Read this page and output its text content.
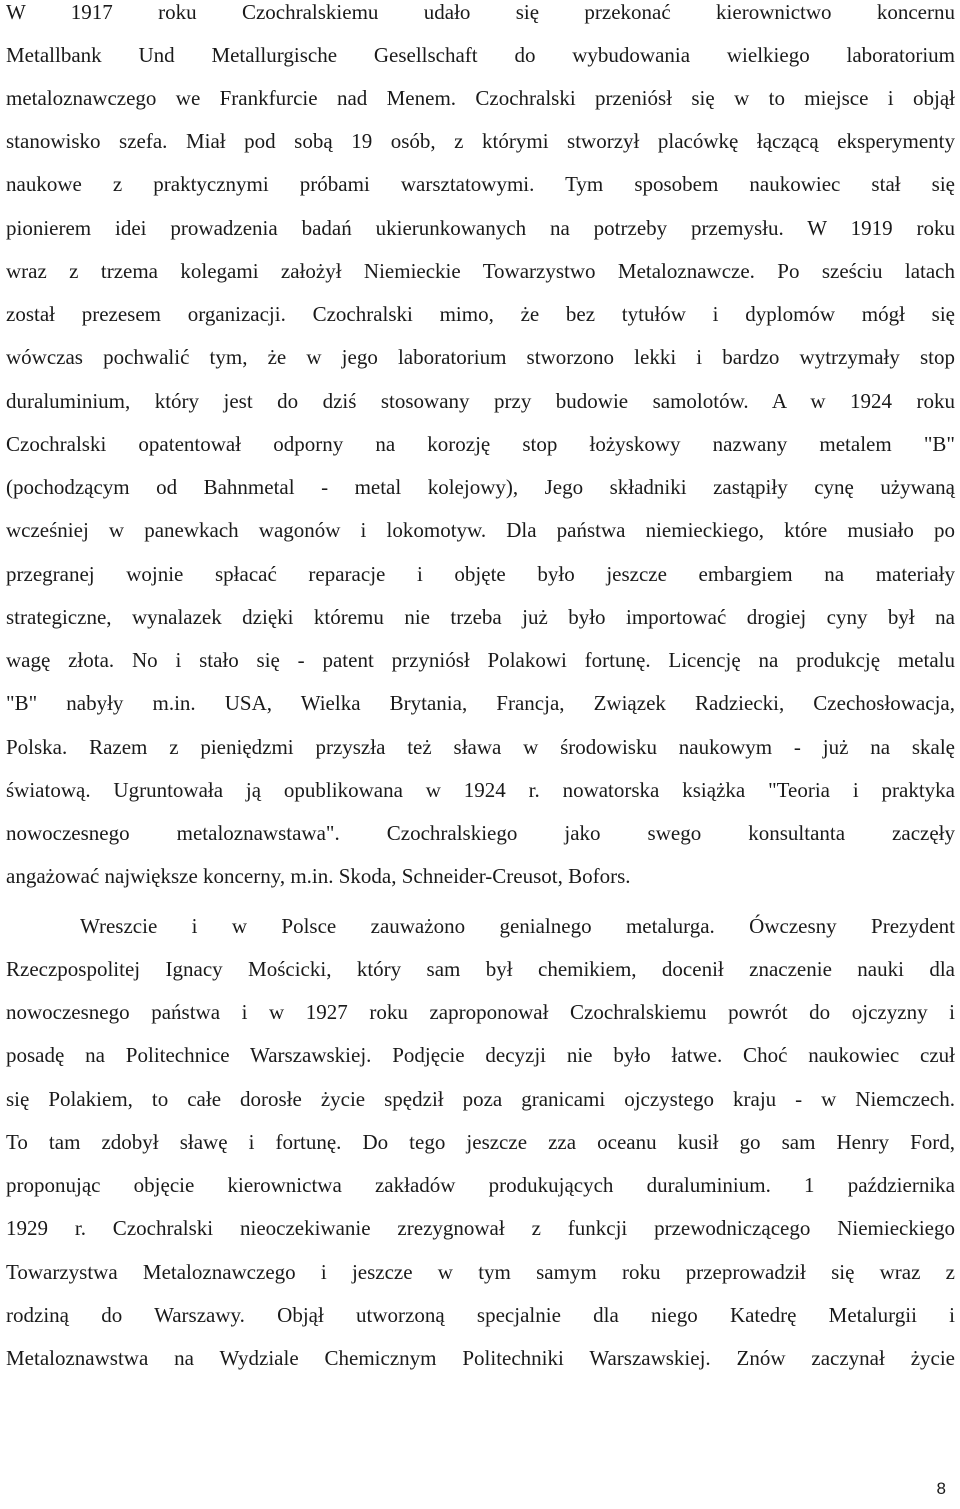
W 1917 roku Czochralskiemu udało się przekonać kierownictwo koncernu
Metallbank Und Metallurgische Gesellschaft do wybudowania wielkiego laboratorium
metaloznawczego we Frankfurcie nad Menem. Czochralski przeniósł się w to miejsce i objął
stanowisko szefa. Miał pod sobą 19 osób, z którymi stworzył placówkę łączącą eksperymenty
naukowe z praktycznymi próbami warsztatowymi. Tym sposobem naukowiec stał się
pionierem idei prowadzenia badań ukierunkowanych na potrzeby przemysłu. W 1919 roku
wraz z trzema kolegami założył Niemieckie Towarzystwo Metaloznawcze. Po sześciu latach
został prezesem organizacji. Czochralski mimo, że bez tytułów i dyplomów mógł się
wówczas pochwalić tym, że w jego laboratorium stworzono lekki i bardzo wytrzymały stop
duraluminium, który jest do dziś stosowany przy budowie samolotów. A w 1924 roku
Czochralski opatentował odporny na korozję stop łożyskowy nazwany metalem "B"
(pochodzącym od Bahnmetal - metal kolejowy), Jego składniki zastąpiły cynę używaną
wcześniej w panewkach wagonów i lokomotyw. Dla państwa niemieckiego, które musiało po
przegranej wojnie spłacać reparacje i objęte było jeszcze embargiem na materiały
strategiczne, wynalazek dzięki któremu nie trzeba już było importować drogiej cyny był na
wagę złota. No i stało się - patent przyniósł Polakowi fortunę. Licencję na produkcję metalu
"B" nabyły m.in. USA, Wielka Brytania, Francja, Związek Radziecki, Czechosłowacja,
Polska. Razem z pieniędzmi przyszła też sława w środowisku naukowym - już na skalę
światową. Ugruntowała ją opublikowana w 1924 r. nowatorska książka "Teoria i praktyka
nowoczesnego metaloznawstawa". Czochralskiego jako swego konsultanta zaczęły
angażować największe koncerny, m.in. Skoda, Schneider-Creusot, Bofors.
Wreszcie i w Polsce zauważono genialnego metalurga. Ówczesny Prezydent
Rzeczpospolitej Ignacy Mościcki, który sam był chemikiem, docenił znaczenie nauki dla
nowoczesnego państwa i w 1927 roku zaproponował Czochralskiemu powrót do ojczyzny i
posadę na Politechnice Warszawskiej. Podjęcie decyzji nie było łatwe. Choć naukowiec czuł
się Polakiem, to całe dorosłe życie spędził poza granicami ojczystego kraju - w Niemczech.
To tam zdobył sławę i fortunę. Do tego jeszcze zza oceanu kusił go sam Henry Ford,
proponując objęcie kierownictwa zakładów produkujących duraluminium. 1 października
1929 r. Czochralski nieoczekiwanie zrezygnował z funkcji przewodniczącego Niemieckiego
Towarzystwa Metaloznawczego i jeszcze w tym samym roku przeprowadził się wraz z
rodziną do Warszawy. Objął utworzoną specjalnie dla niego Katedrę Metalurgii i
Metaloznawstwa na Wydziale Chemicznym Politechniki Warszawskiej. Znów zaczynał życie
8
